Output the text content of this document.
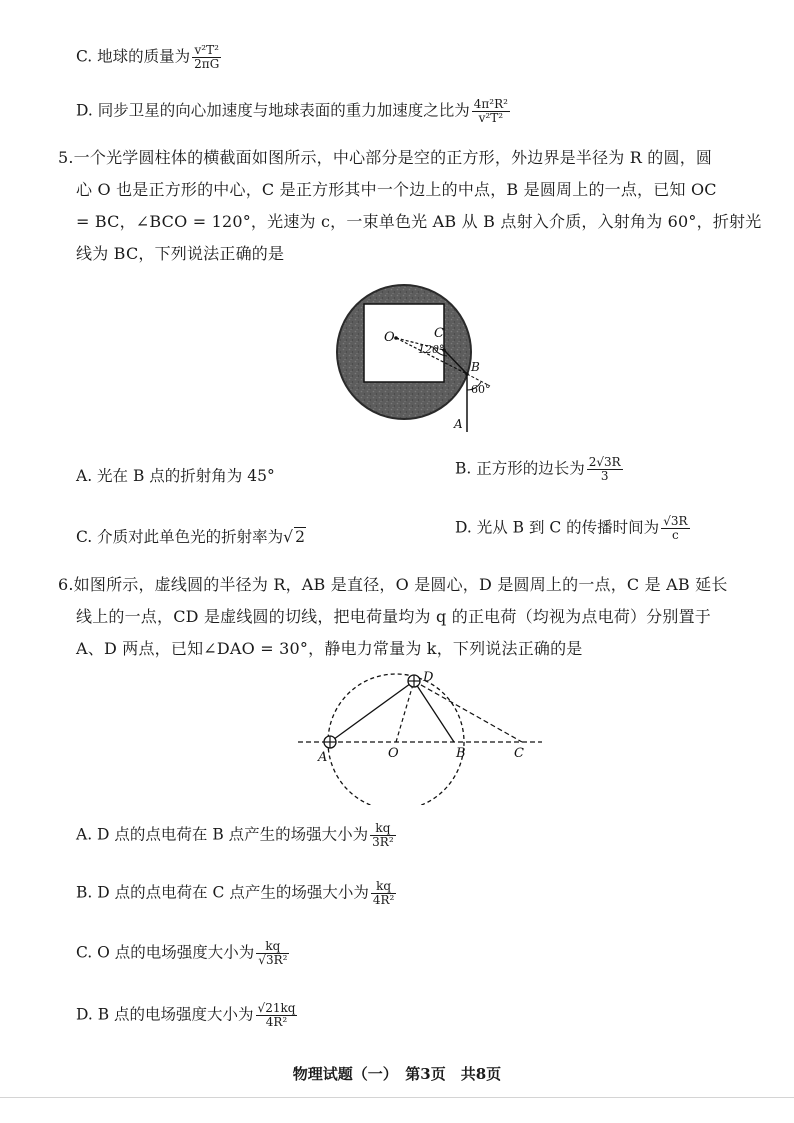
C. 地球的质量为 $\frac{\text{v²T²}}{2\pi G}$
D. 同步卫星的向心加速度与地球表面的重力加速度之比为 $\frac{\text{4π²R²}}{\text{v²T²}}$
5.一个光学圆柱体的横截面如图所示，中心部分是空的正方形，外边界是半径为 R 的圆，圆
心 O 也是正方形的中心，C 是正方形其中一个边上的中点，B 是圆周上的一点，已知 OC
= BC，∠BCO = 120°，光速为 c，一束单色光 AB 从 B 点射入介质，入射角为 60°，折射光
线为 BC，下列说法正确的是
O	C
B
A
120°
60°
A. 光在 B 点的折射角为 45°	B. 正方形的边长为 $\frac{2√3R}{3}$
C. 介质对此单色光的折射率为√ 2
D. 光从 B 到 C 的传播时间为 $\frac{√3R}{c}$
6.如图所示，虚线圆的半径为 R，AB 是直径，O 是圆心，D 是圆周上的一点，C 是 AB 延长
线上的一点，CD 是虚线圆的切线，把电荷量均为 q 的正电荷（均视为点电荷）分别置于
A、D 两点，已知∠DAO = 30°，静电力常量为 k，下列说法正确的是
A	O	B	C
D
A. D 点的点电荷在 B 点产生的场强大小为 $\frac{kq}{\text{3R²}}$
B. D 点的点电荷在 C 点产生的场强大小为 $\frac{kq}{\text{4R²}}$
C. O 点的电场强度大小为 $\frac{kq}{\text{√3R²}}$
D. B 点的电场强度大小为 $\frac{√21kq}{\text{4R²}}$
物理试题（一）　第3页　共8页
